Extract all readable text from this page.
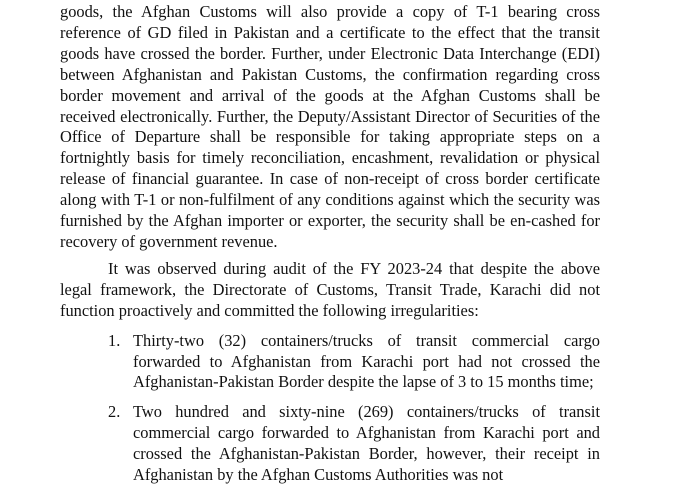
goods, the Afghan Customs will also provide a copy of T-1 bearing cross reference of GD filed in Pakistan and a certificate to the effect that the transit goods have crossed the border. Further, under Electronic Data Interchange (EDI) between Afghanistan and Pakistan Customs, the confirmation regarding cross border movement and arrival of the goods at the Afghan Customs shall be received electronically. Further, the Deputy/Assistant Director of Securities of the Office of Departure shall be responsible for taking appropriate steps on a fortnightly basis for timely reconciliation, encashment, revalidation or physical release of financial guarantee. In case of non-receipt of cross border certificate along with T-1 or non-fulfilment of any conditions against which the security was furnished by the Afghan importer or exporter, the security shall be en-cashed for recovery of government revenue.

It was observed during audit of the FY 2023-24 that despite the above legal framework, the Directorate of Customs, Transit Trade, Karachi did not function proactively and committed the following irregularities:

1. Thirty-two (32) containers/trucks of transit commercial cargo forwarded to Afghanistan from Karachi port had not crossed the Afghanistan-Pakistan Border despite the lapse of 3 to 15 months time;
2. Two hundred and sixty-nine (269) containers/trucks of transit commercial cargo forwarded to Afghanistan from Karachi port and crossed the Afghanistan-Pakistan Border, however, their receipt in Afghanistan by the Afghan Customs Authorities was not
